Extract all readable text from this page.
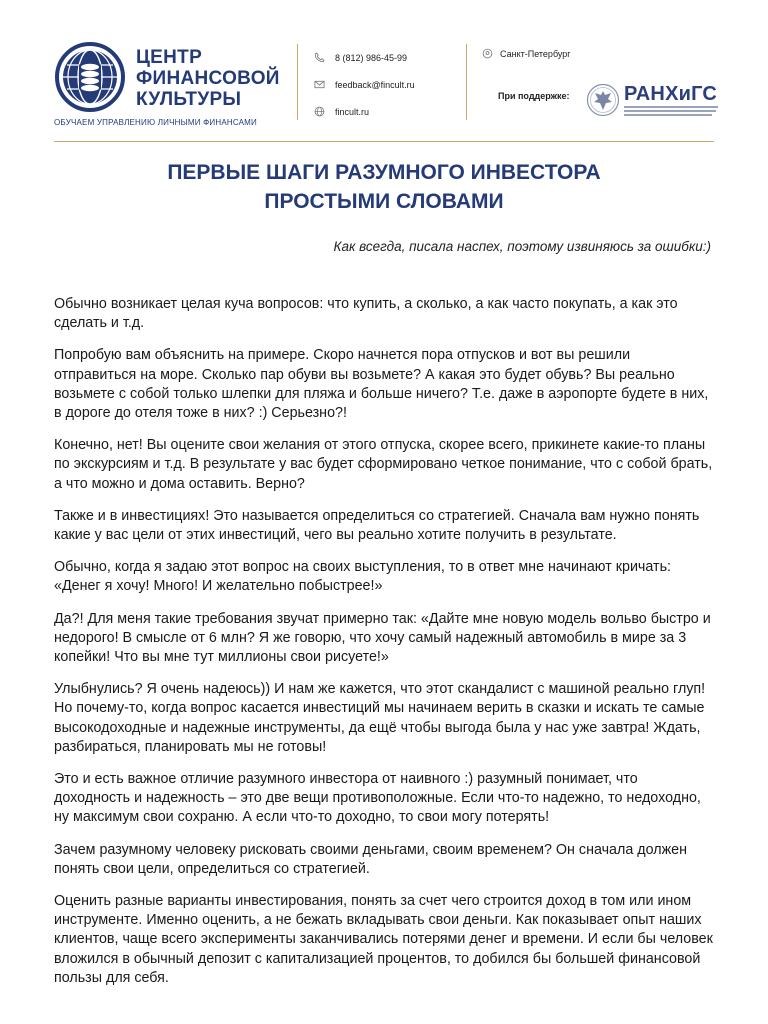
ЦЕНТР
ФИНАНСОВОЙ
КУЛЬТУРЫ
ОБУЧАЕМ УПРАВЛЕНИЮ ЛИЧНЫМИ ФИНАНСАМИ
8 (812) 986-45-99
feedback@fincult.ru
fincult.ru
Санкт-Петербург
При поддержке:	РАНХиГС
ПЕРВЫЕ ШАГИ РАЗУМНОГО ИНВЕСТОРА
ПРОСТЫМИ СЛОВАМИ
Как всегда, писала наспех, поэтому извиняюсь за ошибки:)

Обычно возникает целая куча вопросов: что купить, а сколько, а как часто покупать, а как это сделать и т.д.

Попробую вам объяснить на примере. Скоро начнется пора отпусков и вот вы решили отправиться на море. Сколько пар обуви вы возьмете? А какая это будет обувь? Вы реально возьмете с собой только шлепки для пляжа и больше ничего? Т.е. даже в аэропорте будете в них, в дороге до отеля тоже в них? :) Серьезно?!

Конечно, нет! Вы оцените свои желания от этого отпуска, скорее всего, прикинете какие-то планы по экскурсиям и т.д. В результате у вас будет сформировано четкое понимание, что с собой брать, а что можно и дома оставить. Верно?

Также и в инвестициях! Это называется определиться со стратегией. Сначала вам нужно понять какие у вас цели от этих инвестиций, чего вы реально хотите получить в результате.

Обычно, когда я задаю этот вопрос на своих выступления, то в ответ мне начинают кричать: «Денег я хочу! Много! И желательно побыстрее!»

Да?! Для меня такие требования звучат примерно так: «Дайте мне новую модель вольво быстро и недорого! В смысле от 6 млн? Я же говорю, что хочу самый надежный автомобиль в мире за 3 копейки! Что вы мне тут миллионы свои рисуете!»

Улыбнулись? Я очень надеюсь)) И нам же кажется, что этот скандалист с машиной реально глуп! Но почему-то, когда вопрос касается инвестиций мы начинаем верить в сказки и искать те самые высокодоходные и надежные инструменты, да ещё чтобы выгода была у нас уже завтра! Ждать, разбираться, планировать мы не готовы!

Это и есть важное отличие разумного инвестора от наивного :) разумный понимает, что доходность и надежность – это две вещи противоположные. Если что-то надежно, то недоходно, ну максимум свои сохраню. А если что-то доходно, то свои могу потерять!

Зачем разумному человеку рисковать своими деньгами, своим временем? Он сначала должен понять свои цели, определиться со стратегией.

Оценить разные варианты инвестирования, понять за счет чего строится доход в том или ином инструменте. Именно оценить, а не бежать вкладывать свои деньги. Как показывает опыт наших клиентов, чаще всего эксперименты заканчивались потерями денег и времени. И если бы человек вложился в обычный депозит с капитализацией процентов, то добился бы большей финансовой пользы для себя.
